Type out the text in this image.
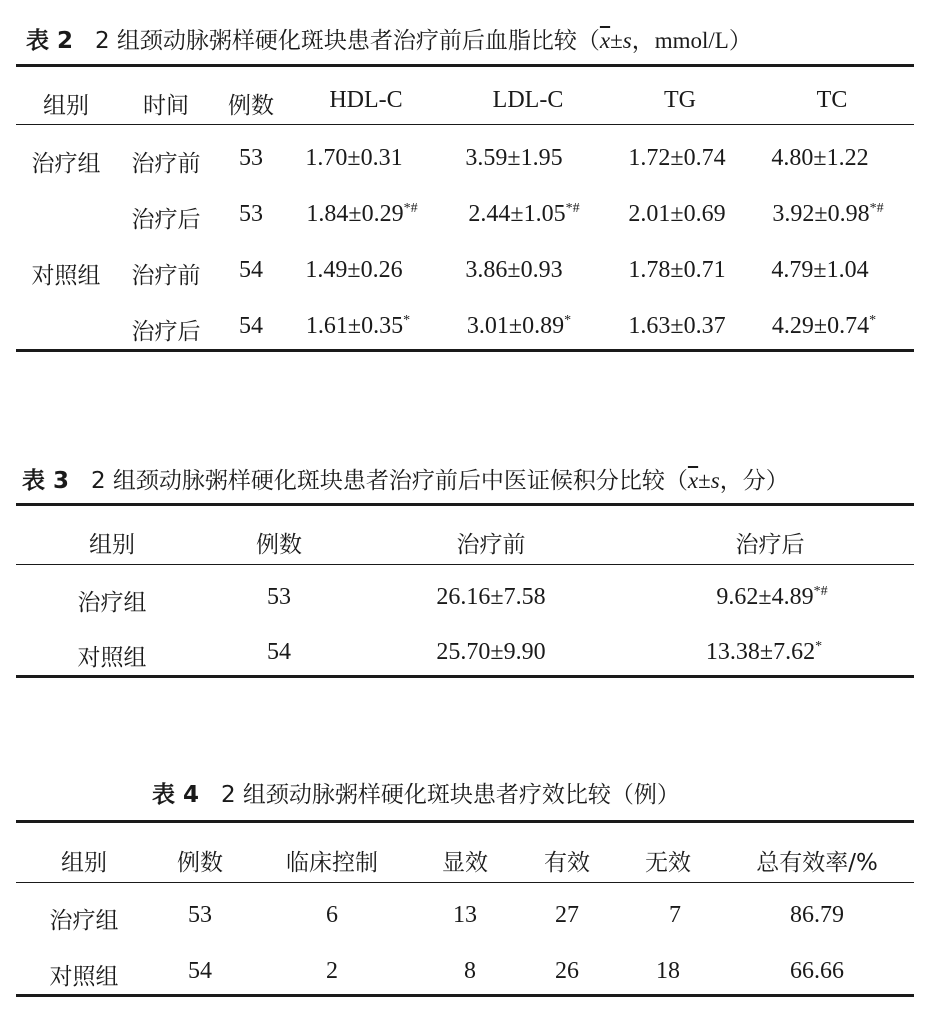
表 2 2 组颈动脉粥样硬化斑块患者治疗前后血脂比较（$\overline{x}\pm s$，mmol/L）
组别 时间 例数 HDL-C	LDL-C	TG	TC
治疗组 治疗前 53 1.70±0.31	3.59±1.95	1.72±0.74 4.80±1.22
治疗后 53 1.84±0.29*# 2.44±1.05*# 2.01±0.69 3.92±0.98*#
对照组 治疗前 54 1.49±0.26	3.86±0.93	1.78±0.71 4.79±1.04
治疗后 54 1.61±0.35* 3.01±0.89* 1.63±0.37 4.29±0.74*
表 3 2 组颈动脉粥样硬化斑块患者治疗前后中医证候积分比较（$\overline{x}\pm s$，分）
组别	例数	治疗前	治疗后
治疗组	53	26.16±7.58	9.62±4.89*#
对照组	54	25.70±9.90	13.38±7.62*
表 4 2 组颈动脉粥样硬化斑块患者疗效比较（例）
组别	例数	临床控制	显效 有效 无效	总有效率/%
治疗组	53	6	13	27	7	86.79
对照组	54	2	8	26	18	66.66
